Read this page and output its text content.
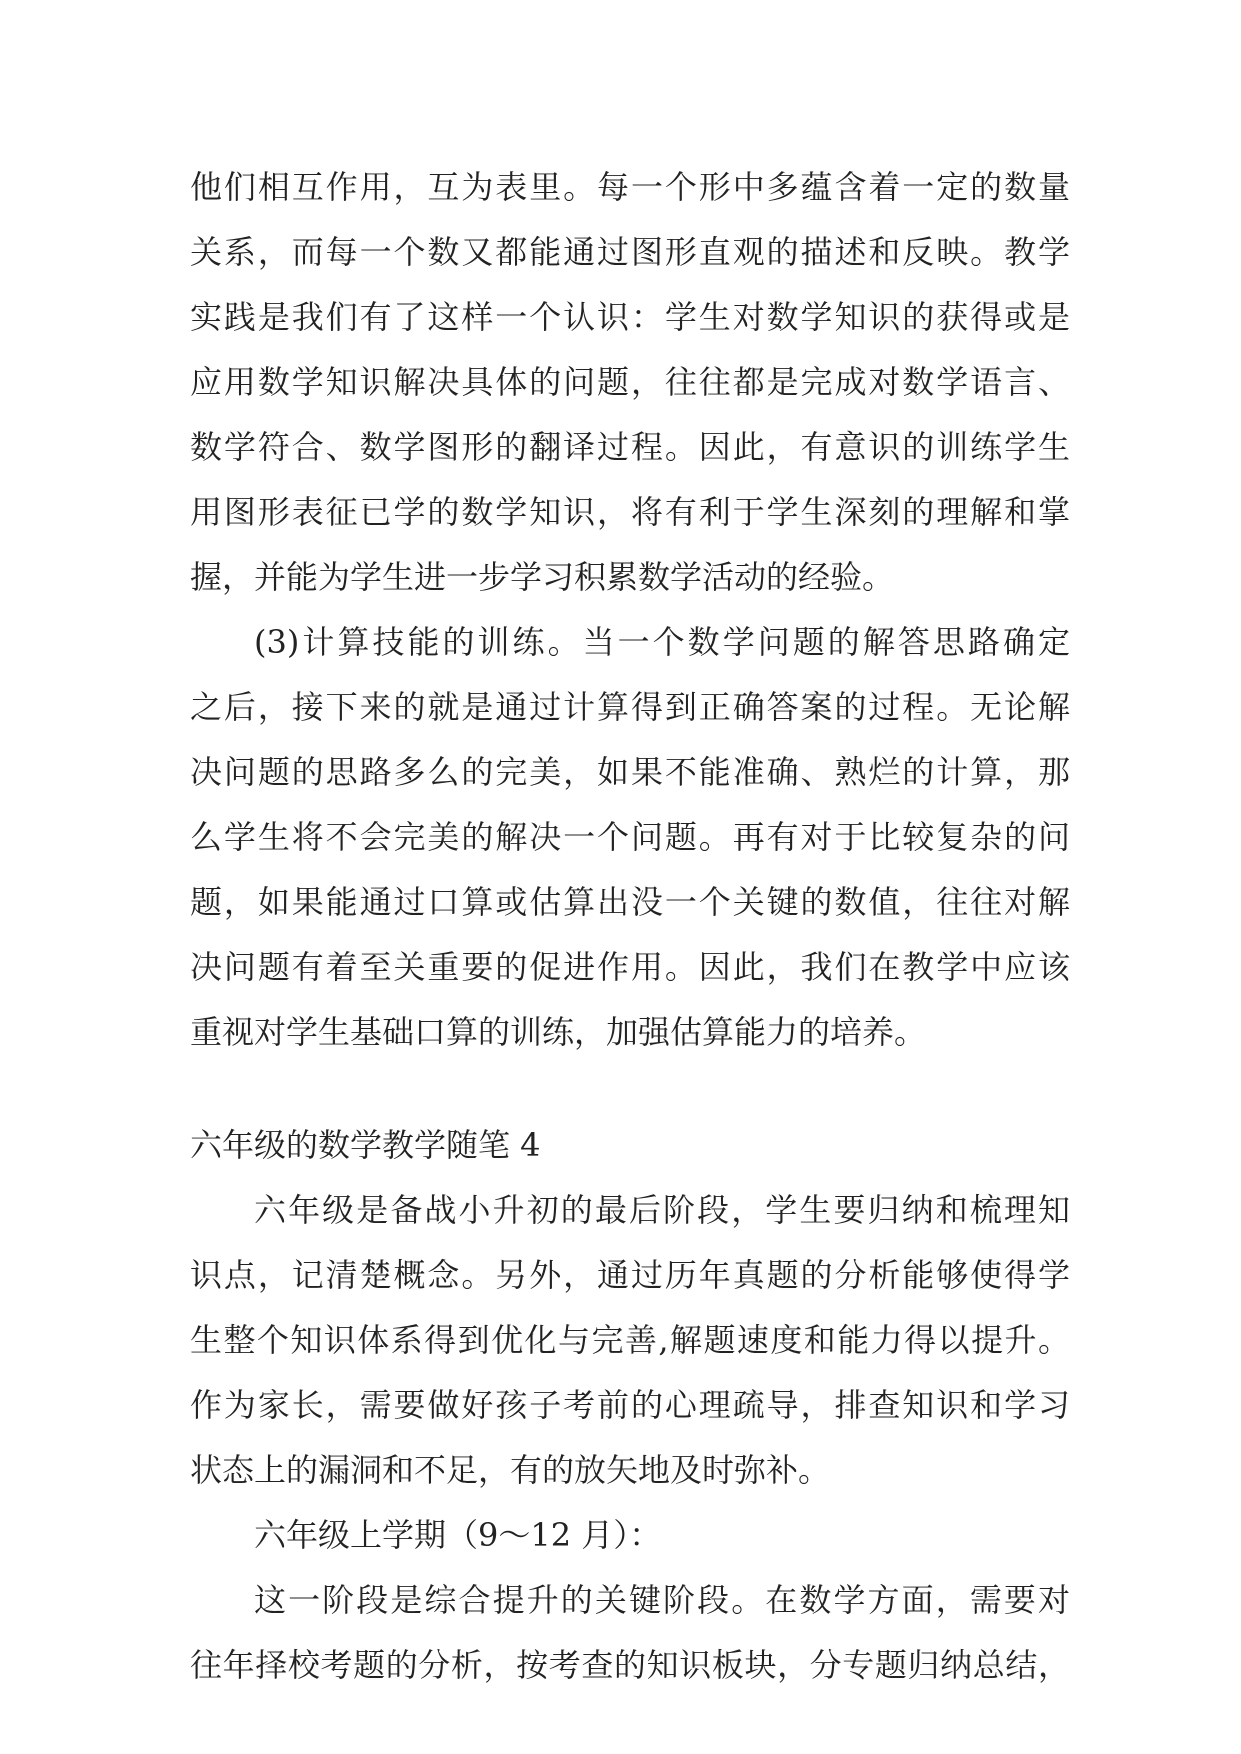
他们相互作用，互为表里。每一个形中多蕴含着一定的数量
关系，而每一个数又都能通过图形直观的描述和反映。教学
实践是我们有了这样一个认识：学生对数学知识的获得或是
应用数学知识解决具体的问题，往往都是完成对数学语言、
数学符合、数学图形的翻译过程。因此，有意识的训练学生
用图形表征已学的数学知识，将有利于学生深刻的理解和掌
握，并能为学生进一步学习积累数学活动的经验。
(3)计算技能的训练。当一个数学问题的解答思路确定
之后，接下来的就是通过计算得到正确答案的过程。无论解
决问题的思路多么的完美，如果不能准确、熟烂的计算，那
么学生将不会完美的解决一个问题。再有对于比较复杂的问
题，如果能通过口算或估算出没一个关键的数值，往往对解
决问题有着至关重要的促进作用。因此，我们在教学中应该
重视对学生基础口算的训练，加强估算能力的培养。
六年级的数学教学随笔 4
六年级是备战小升初的最后阶段，学生要归纳和梳理知
识点，记清楚概念。另外，通过历年真题的分析能够使得学
生整个知识体系得到优化与完善,解题速度和能力得以提升。
作为家长，需要做好孩子考前的心理疏导，排查知识和学习
状态上的漏洞和不足，有的放矢地及时弥补。
六年级上学期（9～12 月）：
这一阶段是综合提升的关键阶段。在数学方面，需要对
往年择校考题的分析，按考查的知识板块，分专题归纳总结，
